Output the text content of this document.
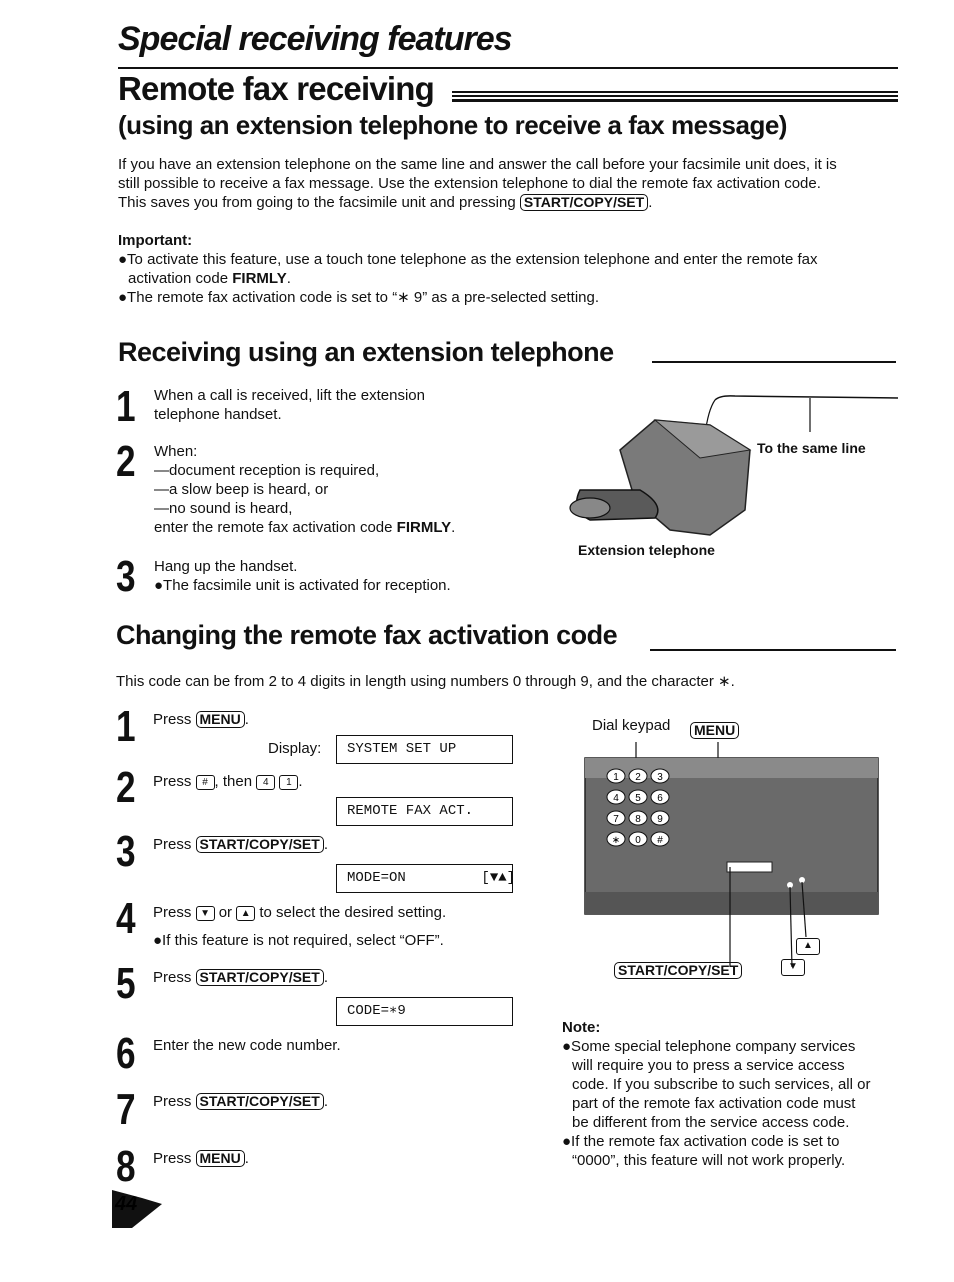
Special receiving features
Remote fax receiving
(using an extension telephone to receive a fax message)

If you have an extension telephone on the same line and answer the call before your facsimile unit does, it is

still possible to receive a fax message. Use the extension telephone to dial the remote fax activation code.

This saves you from going to the facsimile unit and pressing START/COPY/SET .

Important:

●To activate this feature, use a touch tone telephone as the extension telephone and enter the remote fax

activation code FIRMLY.

●The remote fax activation code is set to “∗ 9” as a pre-selected setting.

Receiving using an extension telephone
1 When a call is received, lift the extension

telephone handset.

2 When:

—document reception is required,

—a slow beep is heard, or

—no sound is heard,

enter the remote fax activation code FIRMLY.

3 Hang up the handset.

●The facsimile unit is activated for reception.

To the same line
Extension telephone
Changing the remote fax activation code

This code can be from 2 to 4 digits in length using numbers 0 through 9, and the character ∗.

1 Press MENU .

Display:	SYSTEM SET UP
2 Press # , then 4 1 .

REMOTE FAX ACT.
3 Press START/COPY/SET .

MODE=ON         [▼▲]
4 Press ▼ or ▲ to select the desired setting.

●If this feature is not required, select “OFF”.

5 Press START/COPY/SET .

CODE=∗9
6 Enter the new code number.

7 Press START/COPY/SET .

8 Press MENU .

Dial keypad MENU
1 2 3
4 5 6
7 8 9
∗ 0 #
▲
START/COPY/SET	▼

Note:

●Some special telephone company services

will require you to press a service access

code. If you subscribe to such services, all or

part of the remote fax activation code must

be different from the service access code.

●If the remote fax activation code is set to

“0000”, this feature will not work properly.

44
